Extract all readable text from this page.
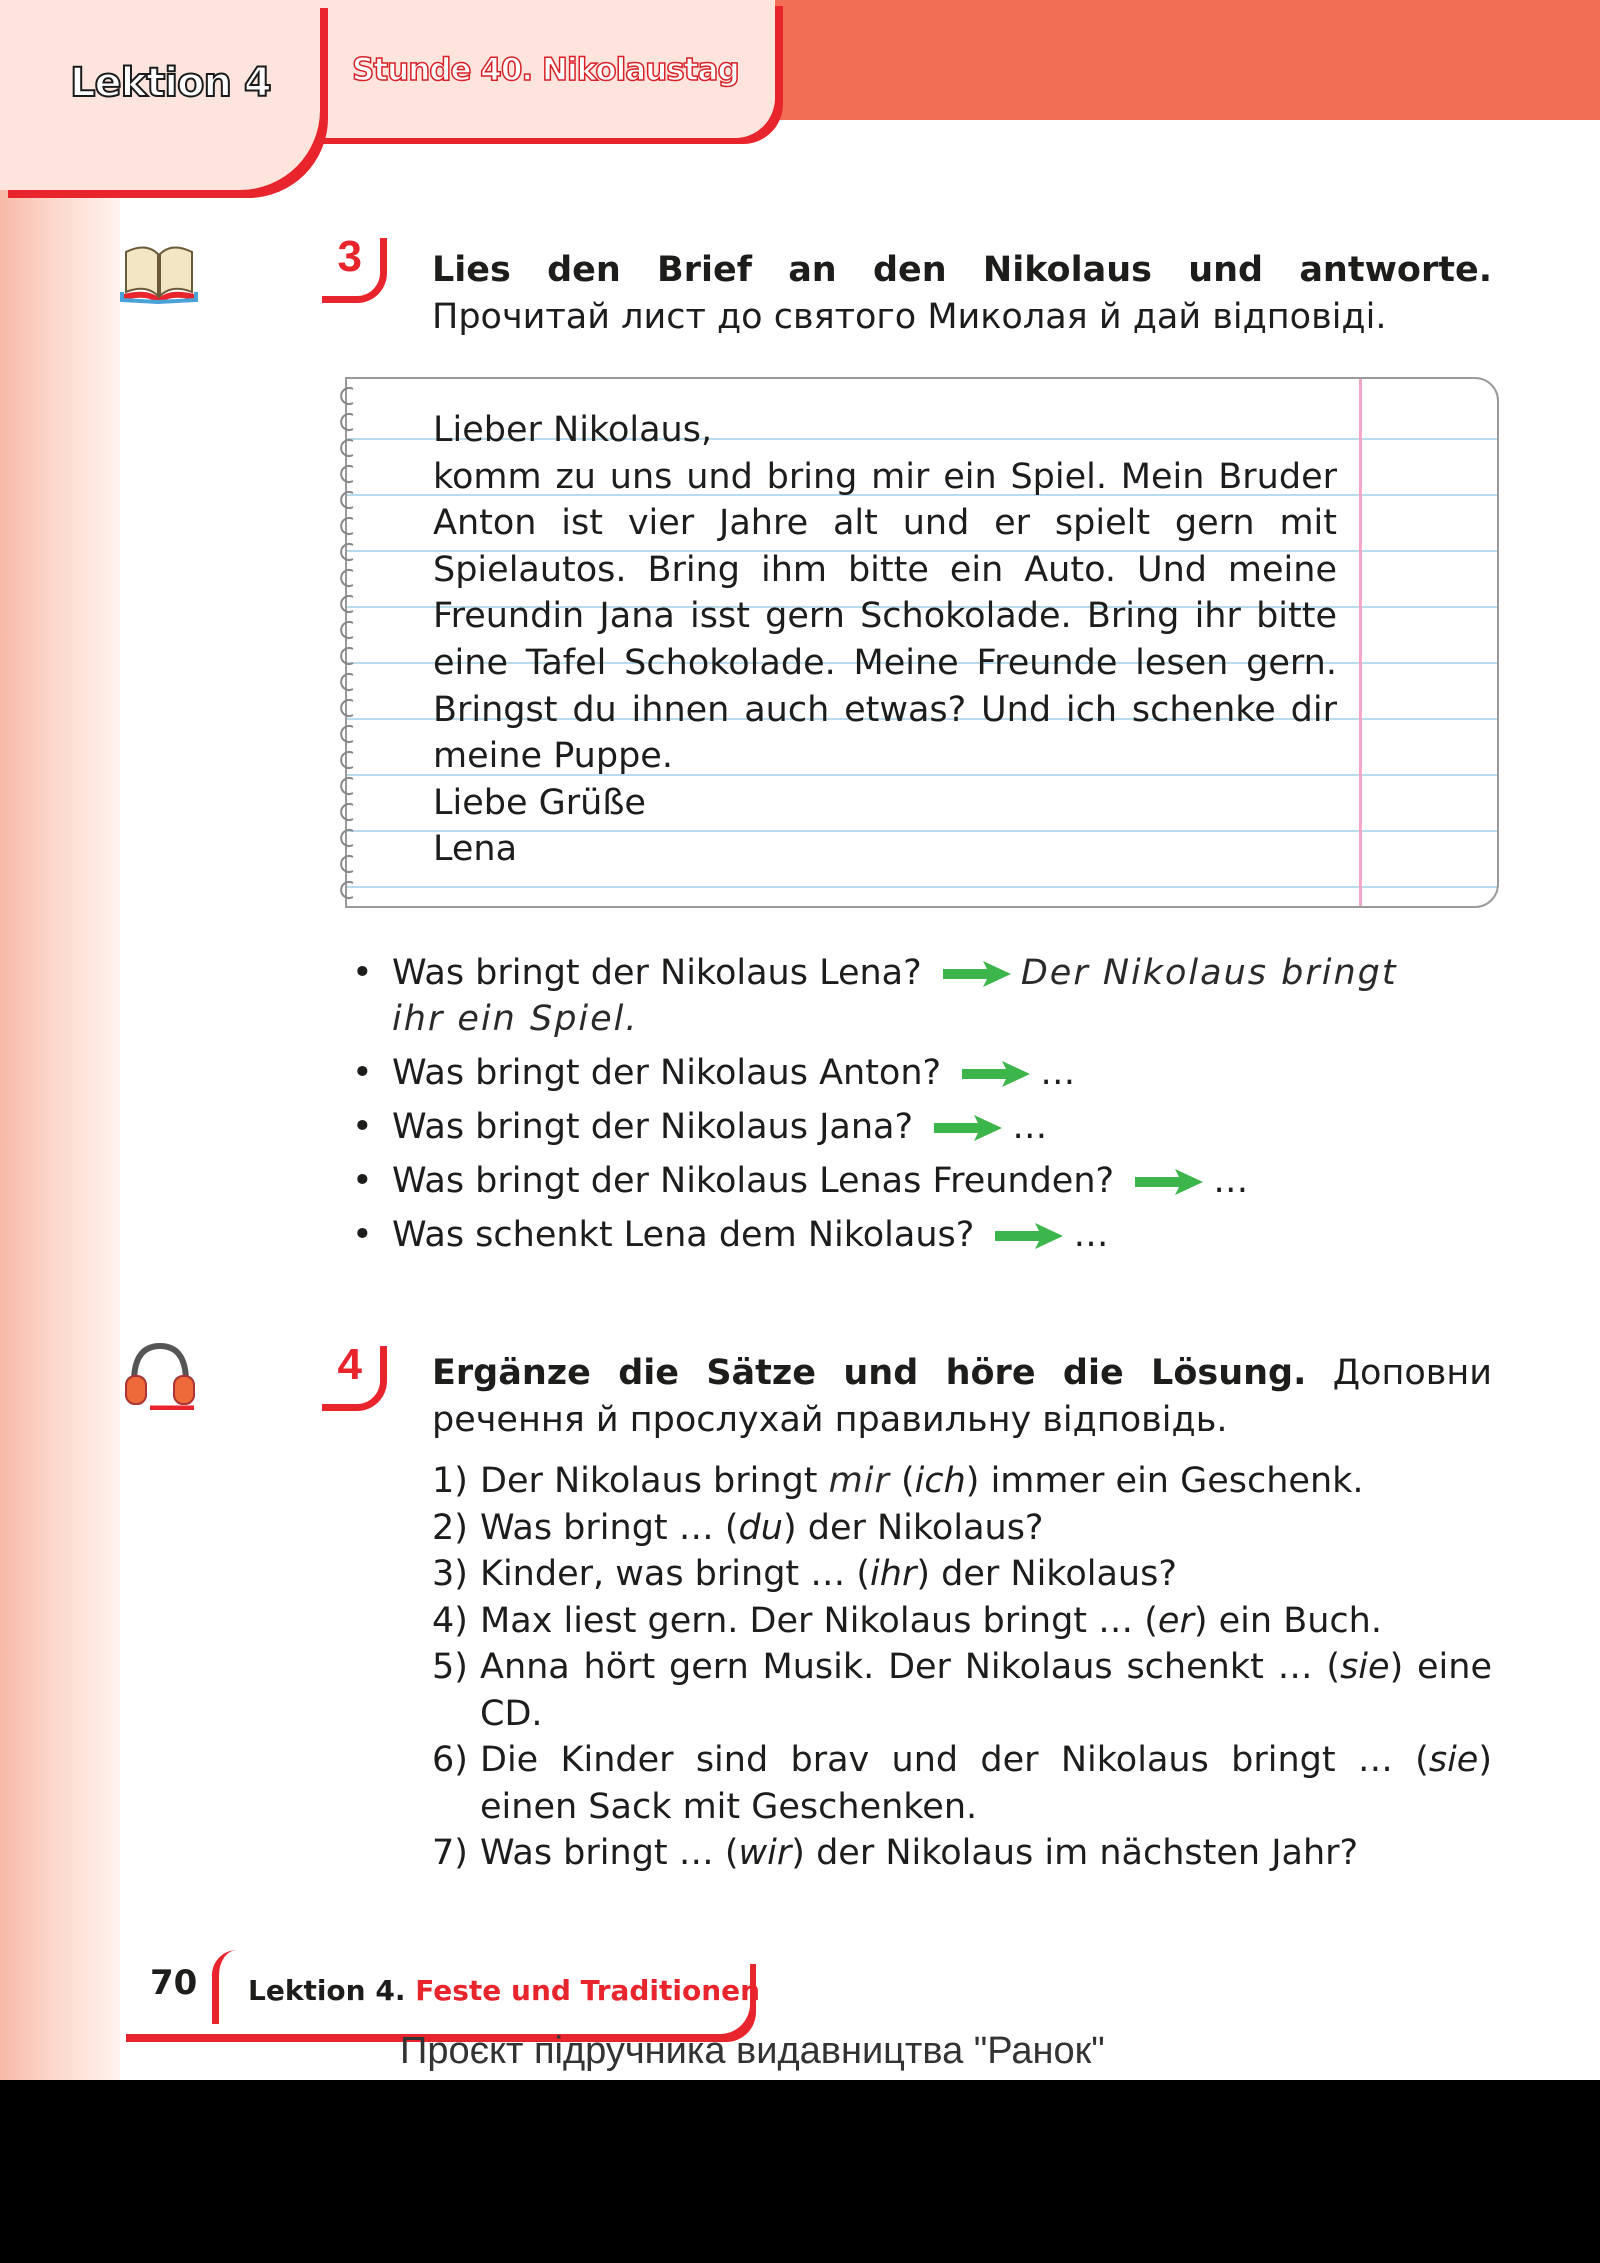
Lektion 4	Stunde 40. Nikolaustag
3 Lies den Brief an den Nikolaus und antworte. Прочитай лист до святого Миколая й дай відповіді.
Lieber Nikolaus,
komm zu uns und bring mir ein Spiel. Mein Bruder Anton ist vier Jahre alt und er spielt gern mit Spielautos. Bring ihm bitte ein Auto. Und meine Freundin Jana isst gern Schokolade. Bring ihr bitte eine Tafel Schokolade. Meine Freunde lesen gern. Bringst du ihnen auch etwas? Und ich schenke dir meine Puppe.
Liebe Grüße
Lena
• Was bringt der Nikolaus Lena?	Der Nikolaus bringt ihr ein Spiel.
• Was bringt der Nikolaus Anton?	…
• Was bringt der Nikolaus Jana?	…
• Was bringt der Nikolaus Lenas Freunden?	…
• Was schenkt Lena dem Nikolaus?	…
4 Ergänze die Sätze und höre die Lösung. Доповни речення й прослухай правильну відповідь.
1) Der Nikolaus bringt mir (ich) immer ein Geschenk.
2) Was bringt … (du) der Nikolaus?
3) Kinder, was bringt … (ihr) der Nikolaus?
4) Max liest gern. Der Nikolaus bringt … (er) ein Buch.
5) Anna hört gern Musik. Der Nikolaus schenkt … (sie) eine CD.
6) Die Kinder sind brav und der Nikolaus bringt … (sie) einen Sack mit Geschenken.
7) Was bringt … (wir) der Nikolaus im nächsten Jahr?
70 Lektion 4. Feste und Traditionen
Проєкт підручника видавництва "Ранок"
